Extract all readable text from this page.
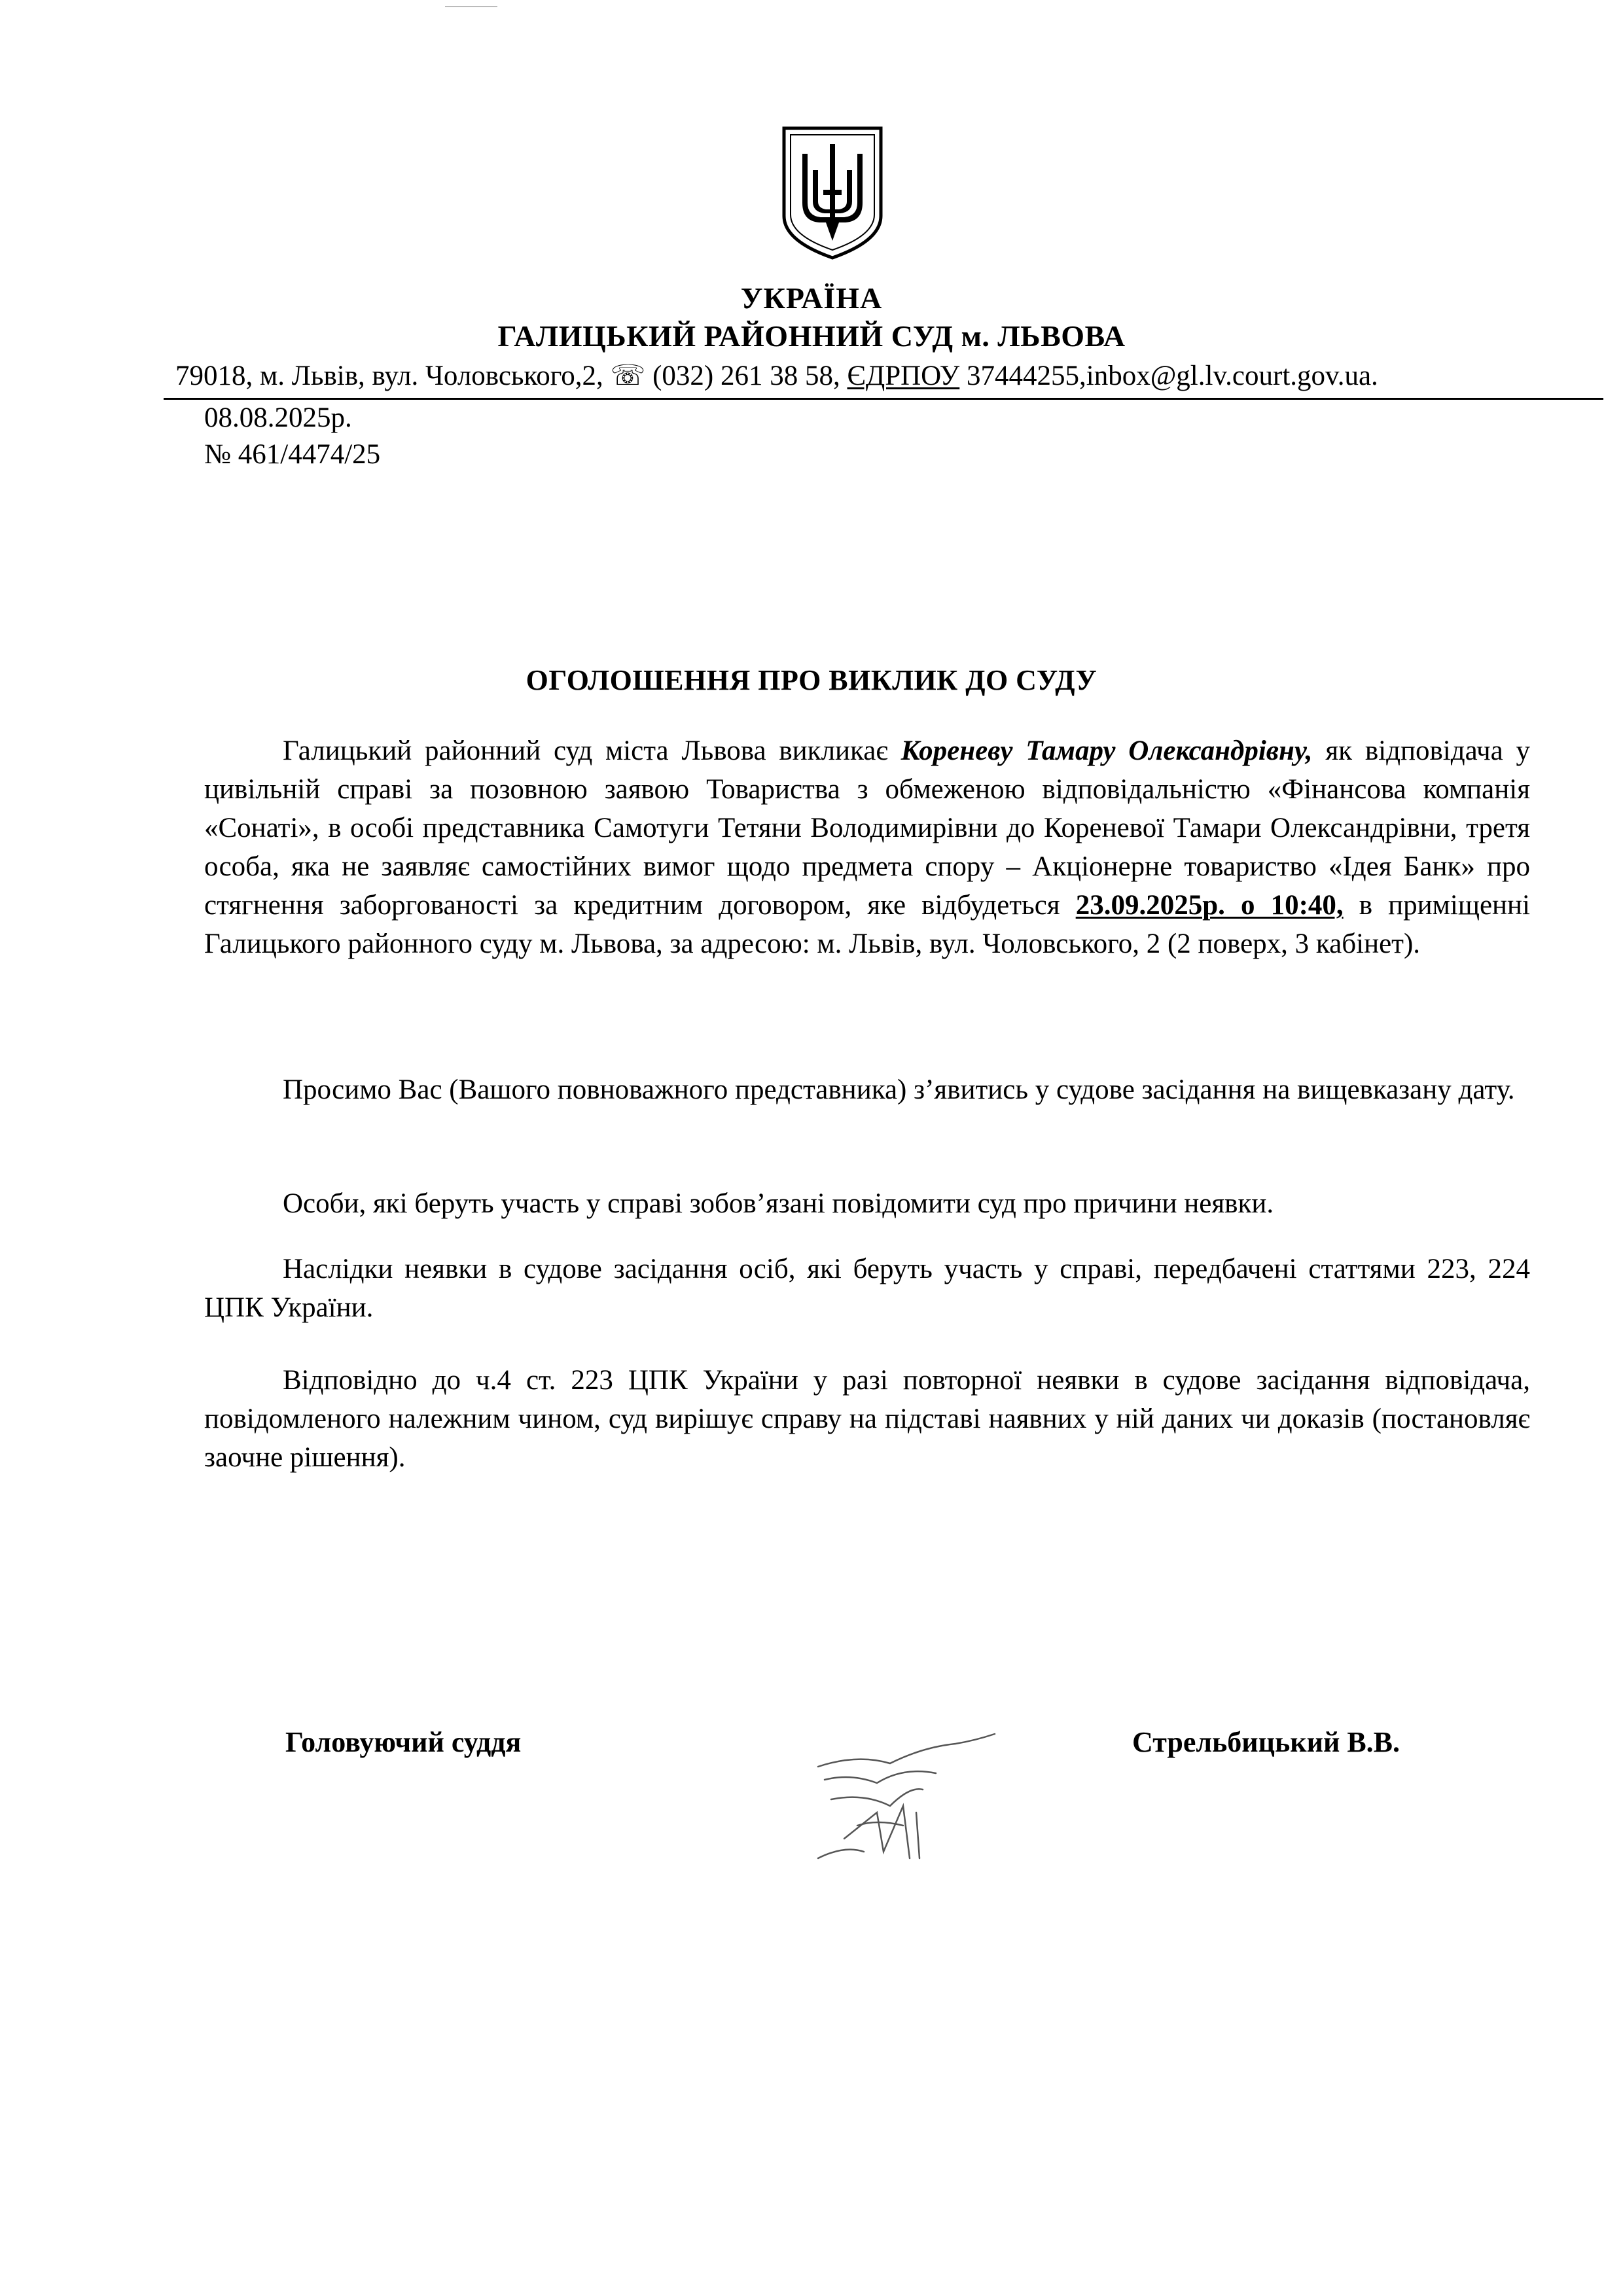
УКРАЇНА
ГАЛИЦЬКИЙ РАЙОННИЙ СУД м. ЛЬВОВА
79018, м. Львів, вул. Чоловського,2, ☏ (032) 261 38 58, ЄДРПОУ 37444255,inbox@gl.lv.court.gov.ua.
08.08.2025р.
№ 461/4474/25
ОГОЛОШЕННЯ ПРО ВИКЛИК ДО СУДУ
Галицький районний суд міста Львова викликає Кореневу Тамару Олександрівну, як відповідача у цивільній справі за позовною заявою Товариства з обмеженою відповідальністю «Фінансова компанія «Сонаті», в особі представника Самотуги Тетяни Володимирівни до Кореневої Тамари Олександрівни, третя особа, яка не заявляє самостійних вимог щодо предмета спору – Акціонерне товариство «Ідея Банк» про стягнення заборгованості за кредитним договором, яке відбудеться 23.09.2025р. о 10:40, в приміщенні Галицького районного суду м. Львова, за адресою: м. Львів, вул. Чоловського, 2 (2 поверх, 3 кабінет).
Просимо Вас (Вашого повноважного представника) з’явитись у судове засідання на вищевказану дату.
Особи, які беруть участь у справі зобов’язані повідомити суд про причини неявки.
Наслідки неявки в судове засідання осіб, які беруть участь у справі, передбачені статтями 223, 224 ЦПК України.
Відповідно до ч.4 ст. 223 ЦПК України у разі повторної неявки в судове засідання відповідача, повідомленого належним чином, суд вирішує справу на підставі наявних у ній даних чи доказів (постановляє заочне рішення).
Головуючий суддя	Стрельбицький В.В.
